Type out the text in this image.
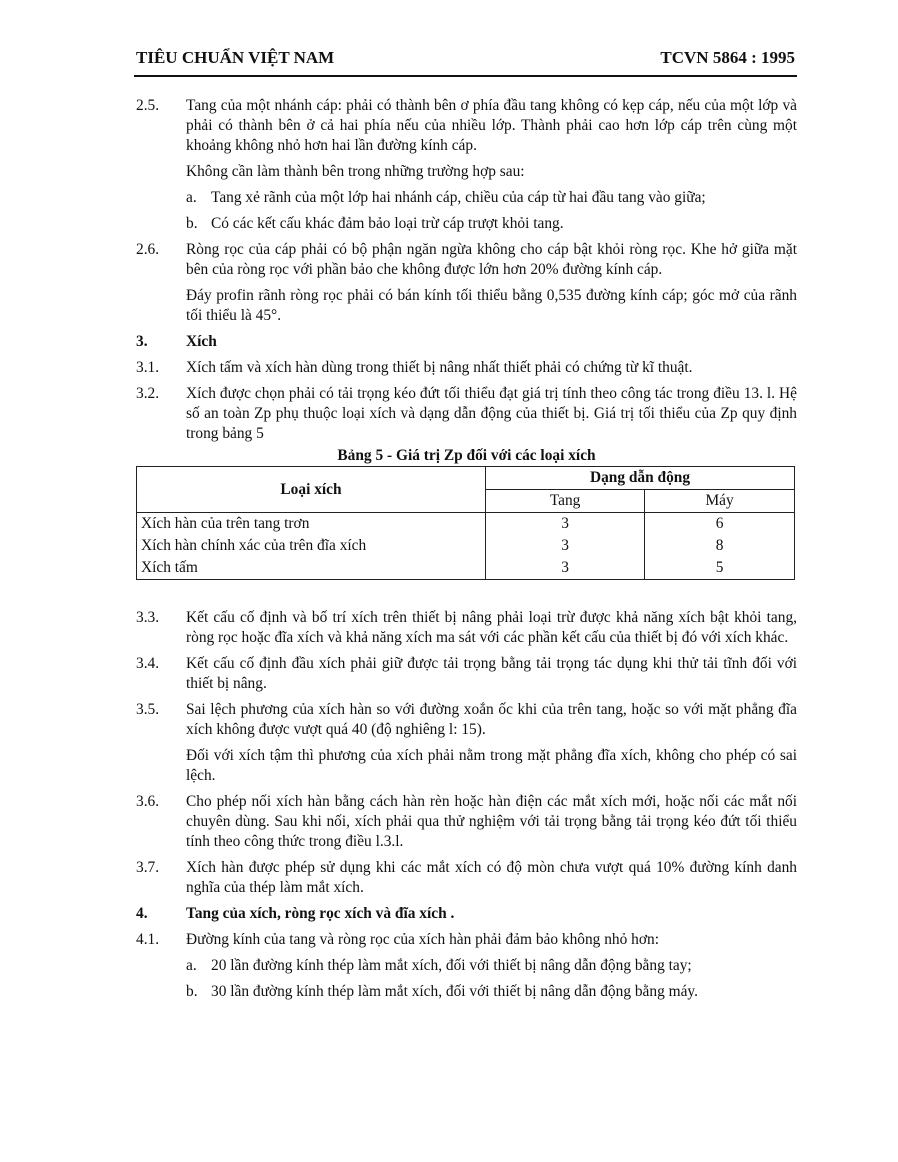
TIÊU CHUẨN VIỆT NAM	TCVN 5864 : 1995
2.5. Tang của một nhánh cáp: phải có thành bên ơ phía đầu tang không có kẹp cáp, nếu của một lớp và phải có thành bên ở cả hai phía nếu của nhiều lớp. Thành phải cao hơn lớp cáp trên cùng một khoảng không nhỏ hơn hai lần đường kính cáp.
Không cần làm thành bên trong những trường hợp sau:
a. Tang xẻ rãnh của một lớp hai nhánh cáp, chiều của cáp từ hai đầu tang vào giữa;
b. Có các kết cấu khác đảm bảo loại trừ cáp trượt khỏi tang.
2.6. Ròng rọc của cáp phải có bộ phận ngăn ngừa không cho cáp bật khỏi ròng rọc. Khe hở giữa mặt bên của ròng rọc với phần bảo che không được lớn hơn 20% đường kính cáp.
Đáy profin rãnh ròng rọc phải có bán kính tối thiểu bằng 0,535 đường kính cáp; góc mở của rãnh tối thiểu là 45°.
3. Xích
3.1. Xích tấm và xích hàn dùng trong thiết bị nâng nhất thiết phải có chứng từ kĩ thuật.
3.2. Xích được chọn phải có tải trọng kéo đứt tối thiểu đạt giá trị tính theo công tác trong điều 13. l. Hệ số an toàn Zp phụ thuộc loại xích và dạng dẫn động của thiết bị. Giá trị tối thiểu của Zp quy định trong bảng 5
Bảng 5 - Giá trị Zp đối với các loại xích
Loại xích	Dạng dẫn động	
	Tang	Máy
Xích hàn của trên tang trơn	3	6
Xích hàn chính xác của trên đĩa xích	3	8
Xích tấm	3	5
3.3. Kết cấu cố định và bố trí xích trên thiết bị nâng phải loại trừ được khả năng xích bật khỏi tang, ròng rọc hoặc đĩa xích và khả năng xích ma sát với các phần kết cấu của thiết bị đó với xích khác.
3.4. Kết cấu cố định đầu xích phải giữ được tải trọng bằng tải trọng tác dụng khi thử tải tĩnh đối với thiết bị nâng.
3.5. Sai lệch phương của xích hàn so với đường xoắn ốc khi của trên tang, hoặc so với mặt phẳng đĩa xích không được vượt quá 40 (độ nghiêng l: 15).
Đối với xích tậm thì phương của xích phải nằm trong mặt phẳng đĩa xích, không cho phép có sai lệch.
3.6. Cho phép nối xích hàn bằng cách hàn rèn hoặc hàn điện các mắt xích mới, hoặc nối các mắt nối chuyên dùng. Sau khi nối, xích phải qua thử nghiệm với tải trọng bằng tải trọng kéo đứt tối thiểu tính theo công thức trong điều l.3.l.
3.7. Xích hàn được phép sử dụng khi các mắt xích có độ mòn chưa vượt quá 10% đường kính danh nghĩa của thép làm mắt xích.
4. Tang của xích, ròng rọc xích và đĩa xích .
4.1. Đường kính của tang và ròng rọc của xích hàn phải đảm bảo không nhỏ hơn:
a. 20 lần đường kính thép làm mắt xích, đối với thiết bị nâng dẫn động bằng tay;
b. 30 lần đường kính thép làm mắt xích, đối với thiết bị nâng dẫn động bằng máy.
